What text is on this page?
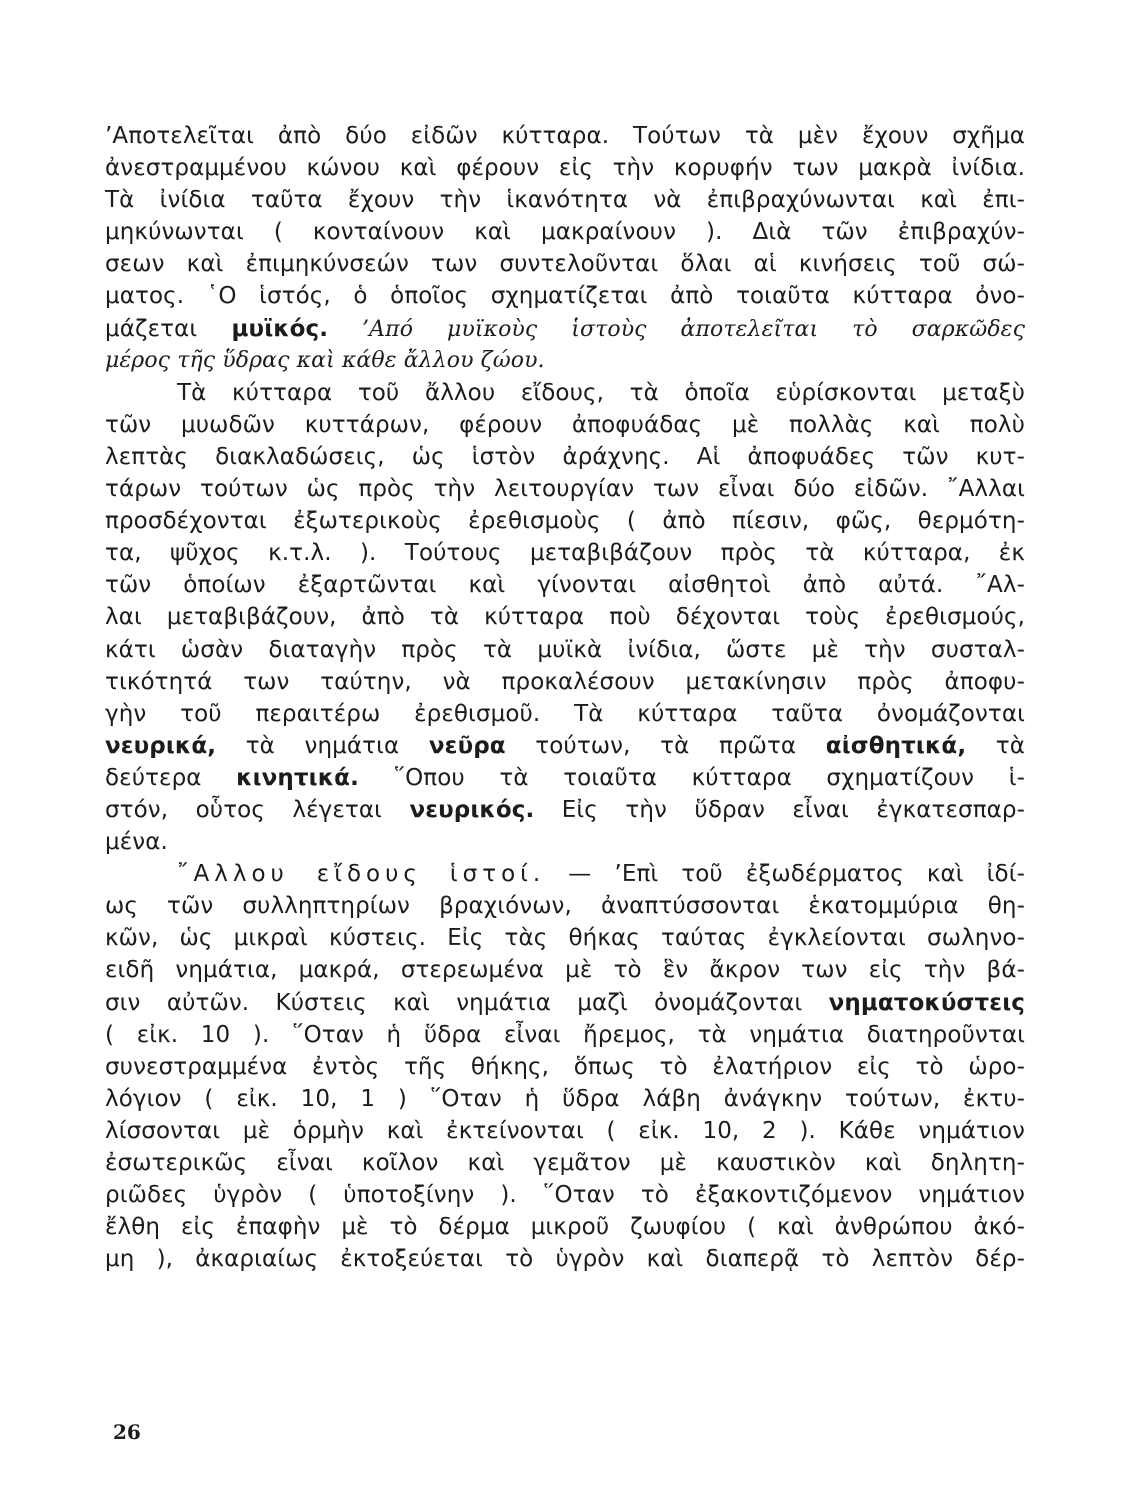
’Αποτελεῖται ἀπὸ δύο εἰδῶν κύτταρα. Τούτων τὰ μὲν ἔχουν σχῆμα
ἀνεστραμμένου κώνου καὶ φέρουν εἰς τὴν κορυφήν των μακρὰ ἰνίδια.
Τὰ ἰνίδια ταῦτα ἔχουν τὴν ἱκανότητα νὰ ἐπιβραχύνωνται καὶ ἐπι-
μηκύνωνται ( κονταίνουν καὶ μακραίνουν ). Διὰ τῶν ἐπιβραχύν-
σεων καὶ ἐπιμηκύνσεών των συντελοῦνται ὅλαι αἱ κινήσεις τοῦ σώ-
ματος. ῾Ο ἱστός, ὁ ὁποῖος σχηματίζεται ἀπὸ τοιαῦτα κύτταρα ὀνο-
μάζεται μυϊκός. ’Από μυϊκοὺς ἱστοὺς ἀποτελεῖται τὸ σαρκῶδες
μέρος τῆς ὕδρας καὶ κάθε ἄλλου ζώου.
Τὰ κύτταρα τοῦ ἄλλου εἴδους, τὰ ὁποῖα εὑρίσκονται μεταξὺ
τῶν μυωδῶν κυττάρων, φέρουν ἀποφυάδας μὲ πολλὰς καὶ πολὺ
λεπτὰς διακλαδώσεις, ὡς ἱστὸν ἀράχνης. Αἱ ἀποφυάδες τῶν κυτ-
τάρων τούτων ὡς πρὸς τὴν λειτουργίαν των εἶναι δύο εἰδῶν. ῎Αλλαι
προσδέχονται ἐξωτερικοὺς ἐρεθισμοὺς ( ἀπὸ πίεσιν, φῶς, θερμότη-
τα, ψῦχος κ.τ.λ. ). Τούτους μεταβιβάζουν πρὸς τὰ κύτταρα, ἐκ
τῶν ὁποίων ἐξαρτῶνται καὶ γίνονται αἰσθητοὶ ἀπὸ αὐτά. ῎Αλ-
λαι μεταβιβάζουν, ἀπὸ τὰ κύτταρα ποὺ δέχονται τοὺς ἐρεθισμούς,
κάτι ὡσὰν διαταγὴν πρὸς τὰ μυϊκὰ ἰνίδια, ὥστε μὲ τὴν συσταλ-
τικότητά των ταύτην, νὰ προκαλέσουν μετακίνησιν πρὸς ἀποφυ-
γὴν τοῦ περαιτέρω ἐρεθισμοῦ. Τὰ κύτταρα ταῦτα ὀνομάζονται
νευρικά, τὰ νημάτια νεῦρα τούτων, τὰ πρῶτα αἰσθητικά, τὰ
δεύτερα κινητικά. ῞Οπου τὰ τοιαῦτα κύτταρα σχηματίζουν ἱ-
στόν, οὗτος λέγεται νευρικός. Εἰς τὴν ὕδραν εἶναι ἐγκατεσπαρ-
μένα.
῎Αλλου εἴδους ἱστοί. — ’Επὶ τοῦ ἐξωδέρματος καὶ ἰδί-
ως τῶν συλληπτηρίων βραχιόνων, ἀναπτύσσονται ἑκατομμύρια θη-
κῶν, ὡς μικραὶ κύστεις. Εἰς τὰς θήκας ταύτας ἐγκλείονται σωληνο-
ειδῆ νημάτια, μακρά, στερεωμένα μὲ τὸ ἓν ἄκρον των εἰς τὴν βά-
σιν αὐτῶν. Κύστεις καὶ νημάτια μαζὶ ὀνομάζονται νηματοκύστεις
( εἰκ. 10 ). ῞Οταν ἡ ὕδρα εἶναι ἤρεμος, τὰ νημάτια διατηροῦνται
συνεστραμμένα ἐντὸς τῆς θήκης, ὅπως τὸ ἐλατήριον εἰς τὸ ὡρο-
λόγιον ( εἰκ. 10, 1 ) ῞Οταν ἡ ὕδρα λάβη ἀνάγκην τούτων, ἐκτυ-
λίσσονται μὲ ὁρμὴν καὶ ἐκτείνονται ( εἰκ. 10, 2 ). Κάθε νημάτιον
ἐσωτερικῶς εἶναι κοῖλον καὶ γεμᾶτον μὲ καυστικὸν καὶ δηλητη-
ριῶδες ὑγρὸν ( ὑποτοξίνην ). ῞Οταν τὸ ἐξακοντιζόμενον νημάτιον
ἔλθη εἰς ἐπαφὴν μὲ τὸ δέρμα μικροῦ ζωυφίου ( καὶ ἀνθρώπου ἀκό-
μη ), ἀκαριαίως ἐκτοξεύεται τὸ ὑγρὸν καὶ διαπερᾷ τὸ λεπτὸν δέρ-
26
